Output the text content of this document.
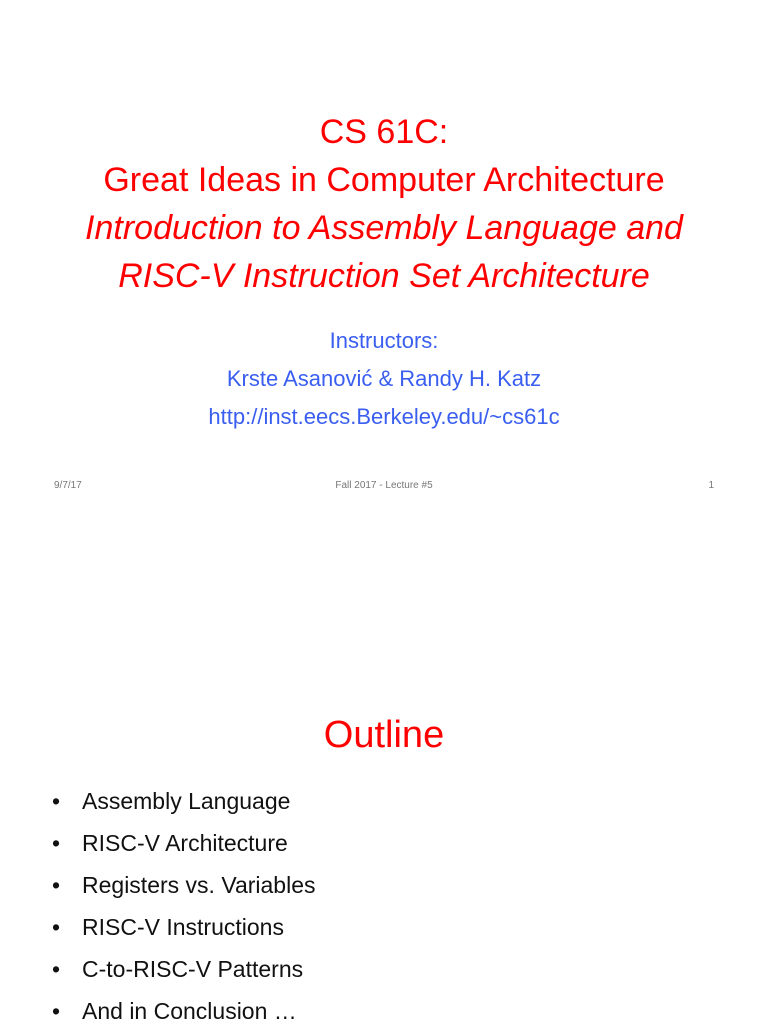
CS 61C:
Great Ideas in Computer Architecture
Introduction to Assembly Language and
RISC-V Instruction Set Architecture
Instructors:
Krste Asanović & Randy H. Katz
http://inst.eecs.Berkeley.edu/~cs61c
9/7/17	Fall 2017 - Lecture #5	1
Outline
• Assembly Language
• RISC-V Architecture
• Registers vs. Variables
• RISC-V Instructions
• C-to-RISC-V Patterns
• And in Conclusion …
